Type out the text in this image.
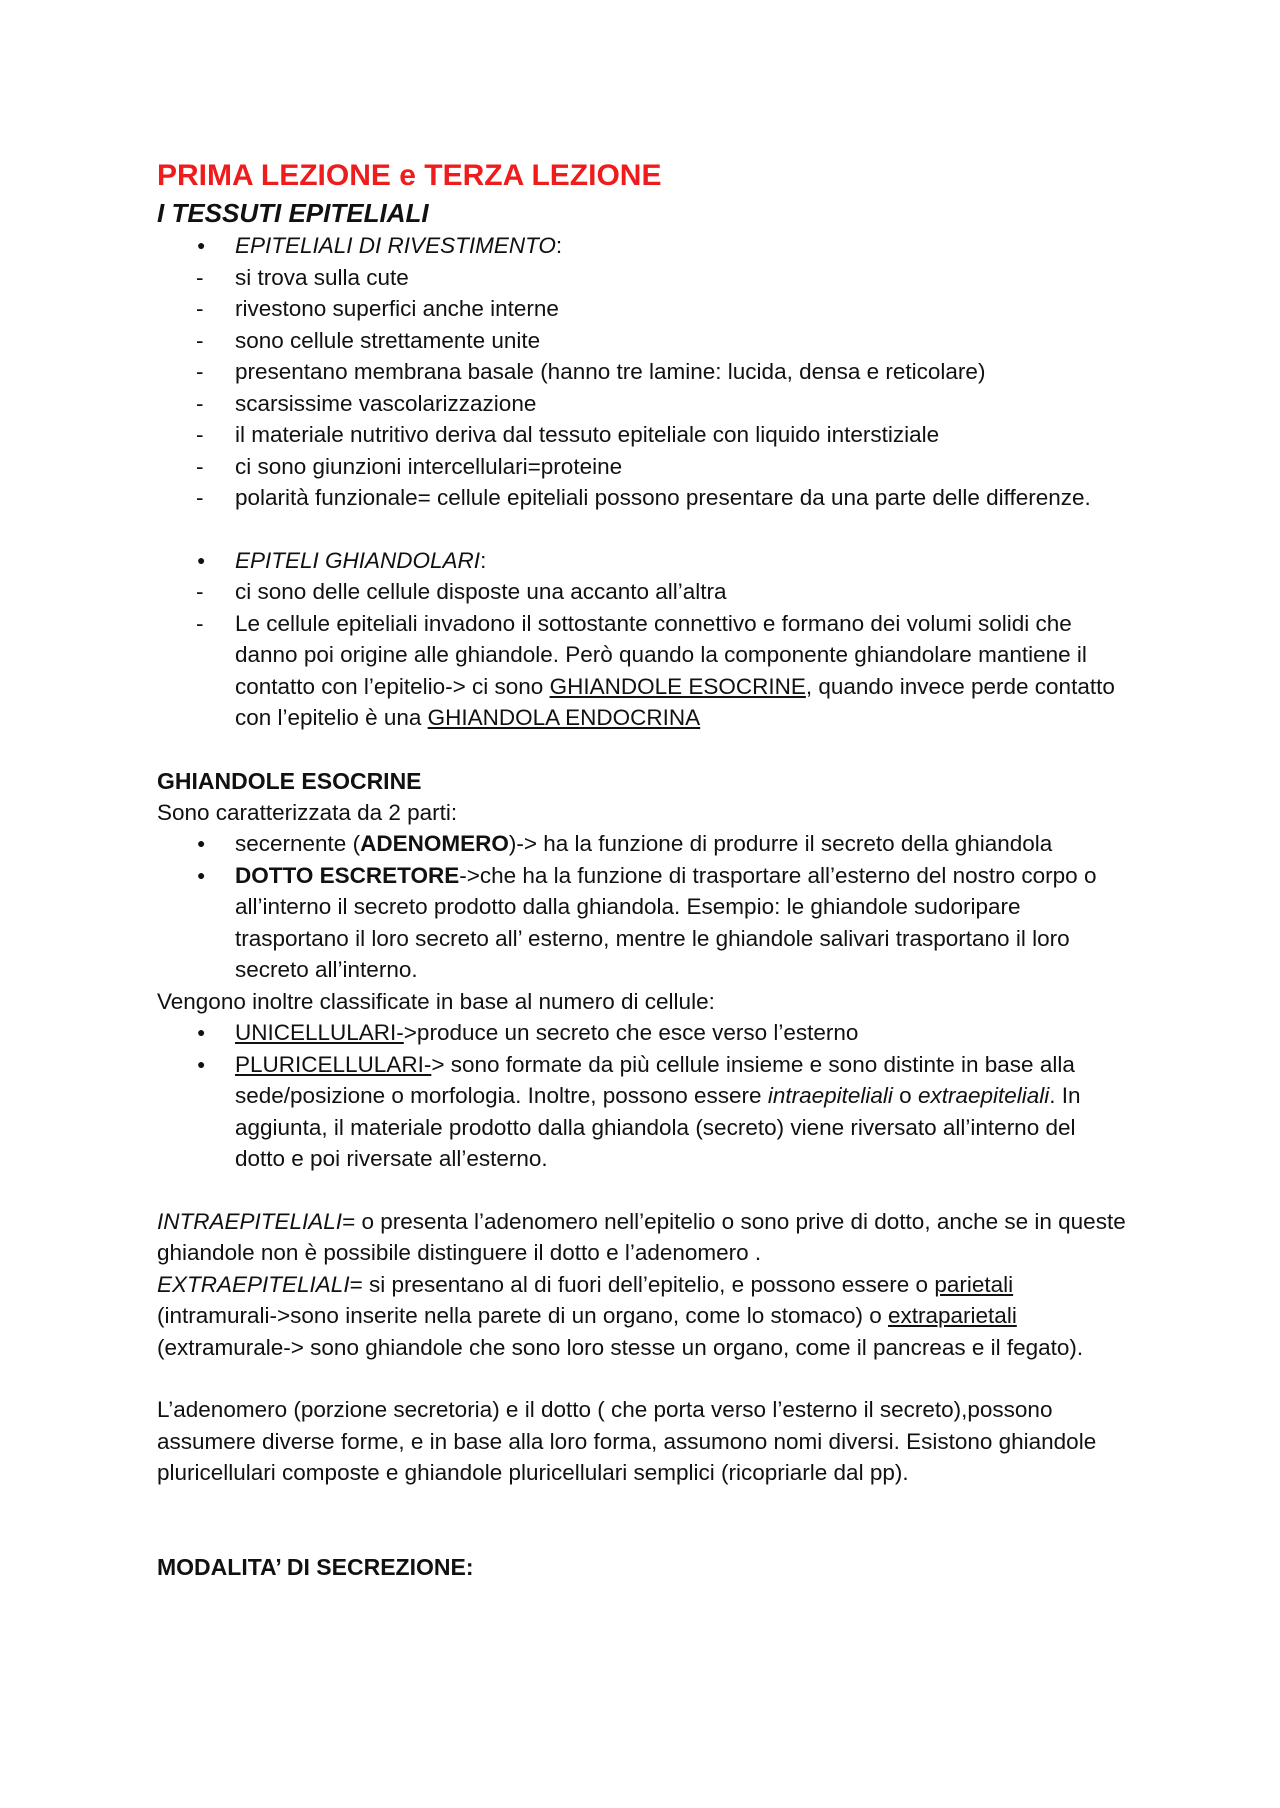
PRIMA LEZIONE e TERZA LEZIONE

I TESSUTI EPITELIALI

● EPITELIALI DI RIVESTIMENTO:
- si trova sulla cute
- rivestono superfici anche interne
- sono cellule strettamente unite
- presentano membrana basale (hanno tre lamine: lucida, densa e reticolare)
- scarsissime vascolarizzazione
- il materiale nutritivo deriva dal tessuto epiteliale con liquido interstiziale
- ci sono giunzioni intercellulari=proteine
- polarità funzionale= cellule epiteliali possono presentare da una parte delle differenze.
● EPITELI GHIANDOLARI:
- ci sono delle cellule disposte una accanto all’altra
- Le cellule epiteliali invadono il sottostante connettivo e formano dei volumi solidi che danno poi origine alle ghiandole. Però quando la componente ghiandolare mantiene il contatto con l’epitelio-> ci sono GHIANDOLE ESOCRINE, quando invece perde contatto con l’epitelio è una GHIANDOLA ENDOCRINA

GHIANDOLE ESOCRINE

Sono caratterizzata da 2 parti:

● secernente (ADENOMERO)-> ha la funzione di produrre il secreto della ghiandola
● DOTTO ESCRETORE->che ha la funzione di trasportare all’esterno del nostro corpo o all’interno il secreto prodotto dalla ghiandola. Esempio: le ghiandole sudoripare trasportano il loro secreto all’ esterno, mentre le ghiandole salivari trasportano il loro secreto all’interno.

Vengono inoltre classificate in base al numero di cellule:

● UNICELLULARI->produce un secreto che esce verso l’esterno
● PLURICELLULARI-> sono formate da più cellule insieme e sono distinte in base alla sede/posizione o morfologia. Inoltre, possono essere intraepiteliali o extraepiteliali. In aggiunta, il materiale prodotto dalla ghiandola (secreto) viene riversato all’interno del dotto e poi riversate all’esterno.

INTRAEPITELIALI= o presenta l’adenomero nell’epitelio o sono prive di dotto, anche se in queste ghiandole non è possibile distinguere il dotto e l’adenomero .

EXTRAEPITELIALI= si presentano al di fuori dell’epitelio, e possono essere o parietali (intramurali->sono inserite nella parete di un organo, come lo stomaco) o extraparietali (extramurale-> sono ghiandole che sono loro stesse un organo, come il pancreas e il fegato).

L’adenomero (porzione secretoria) e il dotto ( che porta verso l’esterno il secreto),possono assumere diverse forme, e in base alla loro forma, assumono nomi diversi. Esistono ghiandole pluricellulari composte e ghiandole pluricellulari semplici (ricopriarle dal pp).

MODALITA’ DI SECREZIONE:
